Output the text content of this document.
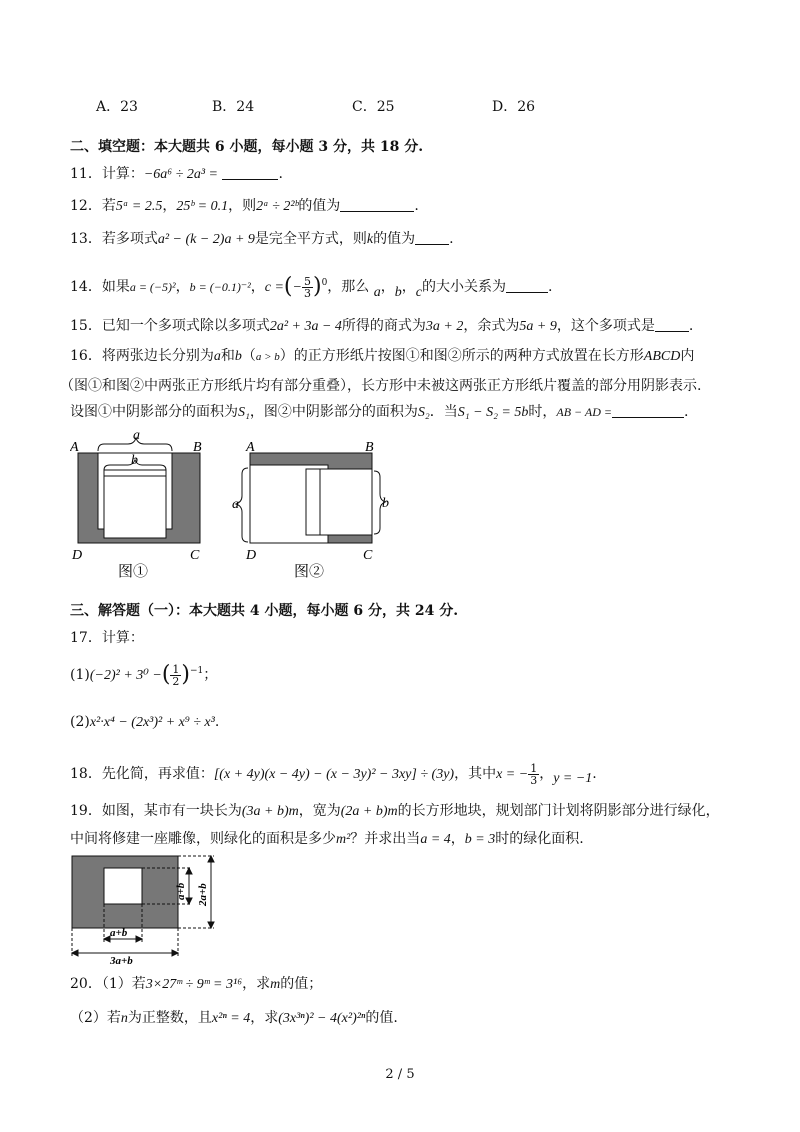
A．23	B．24	C．25	D．26
二、填空题：本大题共 6 小题，每小题 3 分，共 18 分.
11．计算：−6a⁶ ÷ 2a³ =	.
12．若5ᵃ = 2.5，25ᵇ = 0.1，则2ᵃ ÷ 2²ᵇ的值为	.
13．若多项式a² − (k − 2)a + 9是完全平方式，则k的值为 .
14．如果a = (−5)²，b = (−0.1)⁻²，c =(− $\frac{5}{3} )^0$，那么 a，b，c的大小关系为	.
15．已知一个多项式除以多项式2a² + 3a − 4所得的商式为3a + 2，余式为5a + 9，这个多项式是 .
16．将两张边长分别为a和b（a > b）的正方形纸片按图①和图②所示的两种方式放置在长方形ABCD内
（图①和图②中两张正方形纸片均有部分重叠），长方形中未被这两张正方形纸片覆盖的部分用阴影表示.
设图①中阴影部分的面积为S₁，图②中阴影部分的面积为S₂．当S₁ − S₂ = 5b时，AB − AD =	.
A	B
D	C
a
b
图①
A	B
D	C
a	b
图②
三、解答题（一）：本大题共 4 小题，每小题 6 分，共 24 分.
17．计算：
(1)(−2)² + 3⁰ −( $\frac{1}{2} )^{-1}$；
(2)x²·x⁴ − (2x³)² + x⁹ ÷ x³.
18．先化简，再求值：[(x + 4y)(x − 4y) − (x − 3y)² − 3xy] ÷ (3y)，其中x = − $\frac{1}{3}$ ，y = −1.
19．如图，某市有一块长为(3a + b)m，宽为(2a + b)m的长方形地块，规划部门计划将阴影部分进行绿化，
中间将修建一座雕像，则绿化的面积是多少m²？并求出当a = 4，b = 3时的绿化面积.
a+b 2a+b
a+b
3a+b
20．（1）若3×27ᵐ ÷ 9ᵐ = 3¹⁶，求m的值；
（2）若n为正整数，且x²ⁿ = 4，求(3x³ⁿ)² − 4(x²)²ⁿ的值.
2 / 5
